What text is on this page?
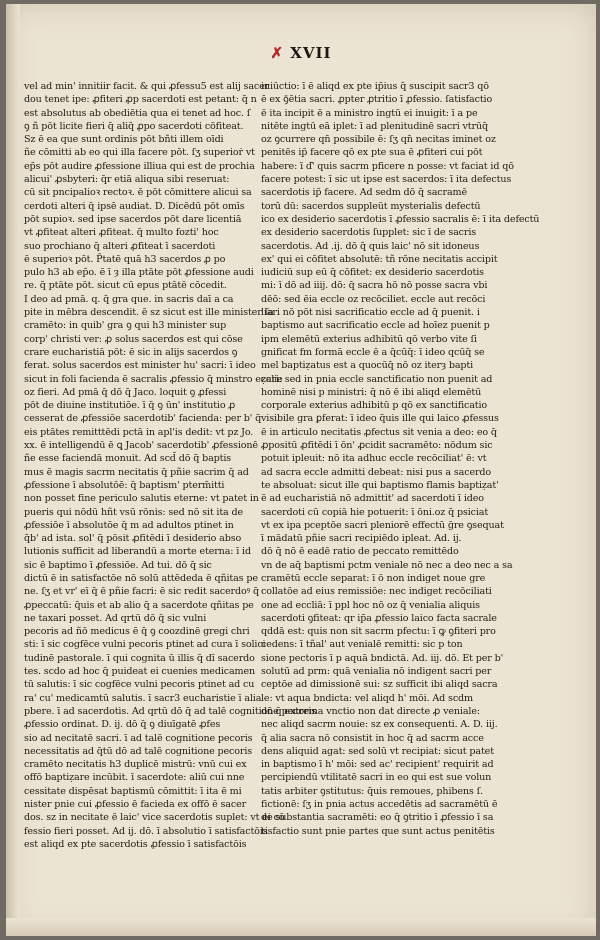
✗ XVII
vel ad min' innitiir facit. & qui ꝓfessu5 est alij sacer
dou tenet ipe: ꝓfiteri ꝓp sacerdoti est petant: q̄ n
est absolutus ab obediētia qua ei tenet ad hoc. ſ
ꝯ ñ pōt licite fieri q̄ aliq̄ ꝓpo sacerdoti cōfiteat.
Sz ē ea que sunt ordinis pōt bñti illem oīdi
ñe cōmitti ab eo qui illa facere pōt. ſʒ superioṙ vt
ep̄s pōt audire ꝓfessione illiua qui est de prochia
alicui' ꝓsbyteri: q̄r etiā aliqua sibi reseruat:
cū sit pncipalioꝛ rectoꝛ. ē pōt cōmittere alicui sa
cerdoti alteri q̄ ipsē audiat. D. Dicēdū pōt omīs
pōt supioꝛ. sed ipse sacerdos pōt dare licentiā
vt ꝓfiteat alteri ꝓfiteat. q̄ multo fozti' hoc
suo prochiano q̄ alteri ꝓfiteat ī sacerdoti
ē superioꝛ pōt. P̄tatē quā h3 sacerdos ꝓ po
pulo h3 ab ep̄o. ē ī ȝ illa ptāte pōt ꝓfessione audi
re. q̄ ptāte pōt. sicut cū epus ptātē cōcedit.
I deo ad pmā. q. q̄ gra que. in sacris daī a ca
pite in mēbra descendit. ē sz sicut est ille minister ſa
cramēto: in quib' gra ꝯ qui h3 minister sup
corp' christi ver: ꝓ solus sacerdos est qui cōse
crare eucharistiā pōt: ē sic in alijs sacerdos ꝯ
ferat. solus sacerdos est minister hu' sacri: ī ideo
sicut in foli facienda ē sacralis ꝓfessio q̄ minstro ecclie
oz fieri. Ad pmā q̄ dō q̄ Jaco. loquit ꝯ ꝓfessi
pōt de diuine institutiōe. ī q̄ ꝯ ūn' institutio ꝓ
cesserat de ꝓfessiōe sacerdotib' facienda: per b' q̄
eis ptātes remitttēdi pctā in apl'is dedit: vt pz Jo.
xx. ē intelligendū ē ꝗ Jacob' sacerdotib' ꝓfessionē
ñe esse faciendā monuit. Ad scd̄ dō q̄ baptis
mus ē magis sacrm necitatis q̄ pñie sacrim q̄ ad
ꝓfessione ī absolutōē: q̄ baptism' pterm̄itti
non posset fine periculo salutis eterne: vt patet in
pueris qui nōdū hñt vsū rōnis: sed nō sit ita de
ꝓfessiōe ī absolutōe q̄ m ad adultos ptinet in
q̄b' ad ista. sol' q̄ pōsit ꝓfitēdi ī desiderio abso
lutionis sufficit ad liberandū a morte eterna: ī id
sic ē baptimo ī ꝓfessiōe. Ad tui. dō q̄ sic
dictū ē in satisfactōe nō solū attēdeda ē qñitas pe
ne. ſʒ et vr' eī q̄ ē pñie facri: ē sic redit sacerdoꝰ q̄
ꝓpeccatū: q̄uis et ab alio q̄ a sacerdote qñitas pe
ne taxari posset. Ad qrtū dō q̄ sic vulni
pecoris ad ñō medicus ē q̄ ꝯ coozdinē gregi chri
sti: ī sic cogfēce vulni pecoris ptinet ad cura ī solici
tudinē pastorale. ī qui cognita ū illis q̄ dī sacerdo
tes. scdo ad hoc q̄ puideat ei cuenies medicamen
tū salutis: ī sic cogfēce vulni pecoris ptinet ad cu
ra' cu' medicamtū salutis. ī sacr3 eucharistie ī alia
pbere. ī ad sacerdotis. Ad qrtū dō q̄ ad talē cognitione pecoris
ꝓfessio ordinat. D. ij. dō q̄ ꝯ diuīgatē ꝓfes
sio ad necitatē sacri. ī ad talē cognitione pecoris
necessitatis ad q̄tū dō ad talē cognitione pecoris
cramēto necitatis h3 duplicē mistrū: vnū cui ex
offō baptiẓare incūbit. ī sacerdote: aliū cui nne
cessitate dispēsat baptismū cōmittit: ī ita ē mi
nister pnie cui ꝓfessio ē facieda ex offō ē sacer
dos. sz in necitate ē laic' vice sacerdotis suplet: vt ei cō
fessio fieri posset. Ad ij. dō. ī absolutio ī satisfactōis
est aliqd ex pte sacerdotis ꝓfessio ī satisfactōis
iniūctio: ī ē aliqd ex pte ip̄ius q̄ suscipit sacr3 qō
ē ex ꝯ̄ētia sacri. ꝓpter ꝓtritio ī ꝓfessio. ſatisfactio
ē ita incipit ē a ministro ingtū ei inuigit: ī a pe
nitēte ingtū eā iplet: ī ad plenitudinē sacri vtrūq̄
oz ꝯcurrere qn̄ possibile ē: ſʒ qn̄ necitas iminet oz
penitēs ip̄ facere qō ex pte sua ē ꝓfiteri cui pōt
habere: ī d'̄ quis sacrm pficere n posse: vt faciat id qō
facere potest: ī sic ut ipse est sacerdos: ī ita defectus
sacerdotis ip̄ facere. Ad sedm dō q̄ sacramē
torū dū: sacerdos suppleūt mysterialis defectū
ico ex desiderio sacerdotis ī ꝓfessio sacralis ē: ī ita defectū
ex desiderio sacerdotis ſupplet: sic ī de sacris
sacerdotis. Ad .ij. dō q̄ quis laic' nō sit idoneus
ex' qui ei cōfitet absolutē: tñ rōne necitatis accipit
iudiciū sup eū q̄ cōfitet: ex desiderio sacerdotis
mi: ī dō ad iiij. dō: q̄ sacra hō nō posse sacra vbi
dēō: sed ēia eccle oz recōciliet. eccle aut recōci
liari nō pōt nisi sacrificatio eccle ad q̄ puenit. i
baptismo aut sacrificatio eccle ad hoīez puenit p
ipm elemētū exterius adhibitū qō verbo vite ſi
gnificat fm formā eccle ē a q̄cūq̄: ī ideo qcūq̄ se
mel baptiẓatus est a quocūq̄ nō oz iterȝ bapti
ẓari: sed in pnia eccle sanctificatio non puenit ad
hominē nisi p ministri: q̄ nō ē ibi aliqd elemētū
corporale exterius adhibitū p qō ex sanctificatio
visibile gra ꝑferat: ī ideo q̄uis ille qui laico ꝓfessus
ē in articulo necitatis ꝓfectus sit venia a deo: eo q̄
ꝓpositū ꝓfitēdi ī ōn' ꝓcidit sacramēto: nōdum sic
potuit ipleuit: nō ita adhuc eccle recōciliat' ē: vt
ad sacra eccle admitti debeat: nisi pus a sacerdo
te absoluat: sicut ille qui baptismo flamis baptiẓat'
ē ad eucharistiā nō admittit' ad sacerdoti ī ideo
sacerdoti cū copiā hie potuerit: ī ōni.oz q̄ psiciat
vt ex ipa pceptōe sacri pleniorē effectū ḡre ꝯsequat
ī mādatū pñie sacri recipiēdo ipleat. Ad. ij.
dō q̄ nō ē eadē ratio de peccato remittēdo
vn de aq̄ baptismi pctm veniale nō nec a deo nec a sa
cramētū eccle separat: ī ō non indiget noue gre
collatōe ad eius remissiōe: nec indiget recōciliati
one ad eccliā: ī ppl hoc nō oz q̄ venialia aliquis
sacerdoti ꝯfiteat: qr ip̄a ꝓfessio laico facta sacrale
qddā est: quis non sit sacrm pfectu: ī ꝙ ꝯfiteri pro
cedens: ī tñal' aut venialē remitti: sic p ton
sione pectoris ī p aquā bndictā. Ad. iij. dō. Et per b'
solutū ad prm: quā venialia nō indigent sacri per
ceptōe ad dimissionē sui: sz sufficit ibi aliqd sacra
le: vt aqua bndicta: vel aliqd h' mōi. Ad scdm
dō q̄ extrema vnctio non dat directe ꝓ veniale:
nec aliqd sacrm nouie: sz ex consequenti. A. D. iij.
q̄ alia sacra nō consistit in hoc q̄ ad sacrm acce
dens aliquid agat: sed solū vt recipiat: sicut patet
in baptismo ī h' mōi: sed ac' recipient' requirit ad
percipiendū vtilitatē sacri in eo qui est sue volun
tatis arbiter ꝯstitutus: q̄uis remoues, phibens ſ.
fictionē: ſʒ in pnia actus accedētis ad sacramētū ē
de substantia sacramēti: eo q̄ ꝯtritio ī ꝓfessio ī sa
tisfactio sunt pnie partes que sunt actus penitētis
